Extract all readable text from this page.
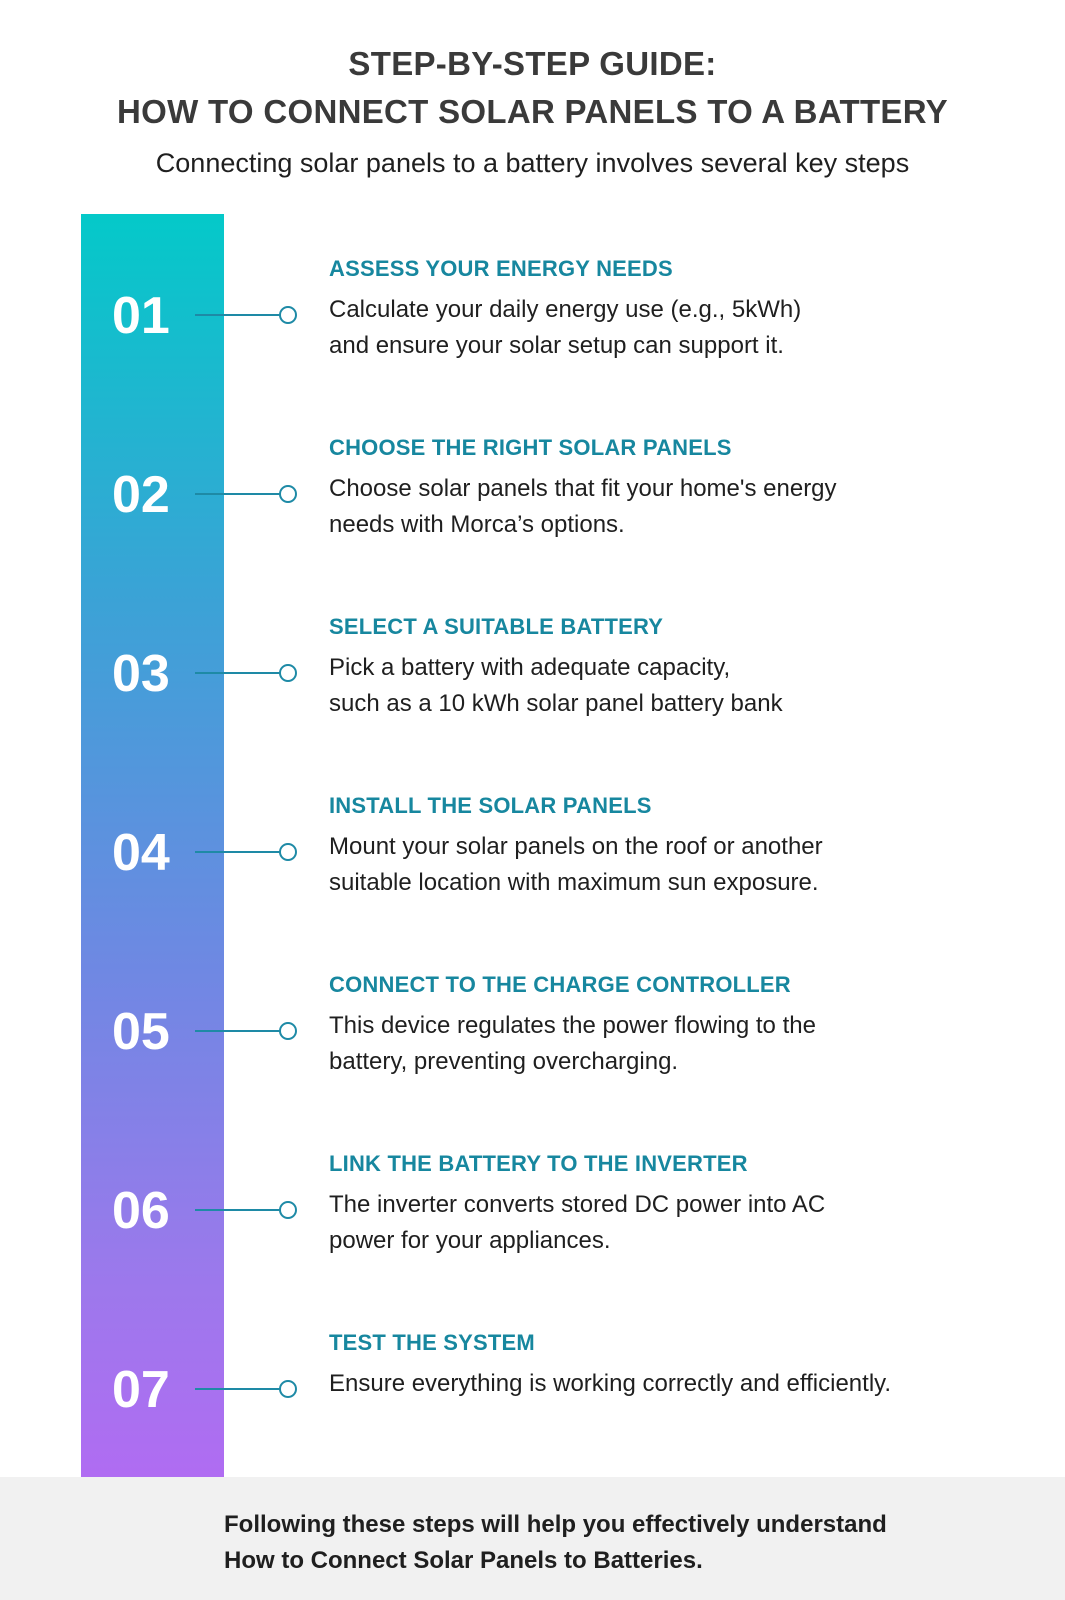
STEP-BY-STEP GUIDE:
HOW TO CONNECT SOLAR PANELS TO A BATTERY
Connecting solar panels to a battery involves several key steps
01
ASSESS YOUR ENERGY NEEDS
Calculate your daily energy use (e.g., 5kWh)
and ensure your solar setup can support it.
02
CHOOSE THE RIGHT SOLAR PANELS
Choose solar panels that fit your home's energy
needs with Morca’s options.
03
SELECT A SUITABLE BATTERY
Pick a battery with adequate capacity,
such as a 10 kWh solar panel battery bank
04
INSTALL THE SOLAR PANELS
Mount your solar panels on the roof or another
suitable location with maximum sun exposure.
05
CONNECT TO THE CHARGE CONTROLLER
This device regulates the power flowing to the
battery, preventing overcharging.
06
LINK THE BATTERY TO THE INVERTER
The inverter converts stored DC power into AC
power for your appliances.
07
TEST THE SYSTEM
Ensure everything is working correctly and efficiently.
Following these steps will help you effectively understand
How to Connect Solar Panels to Batteries.
